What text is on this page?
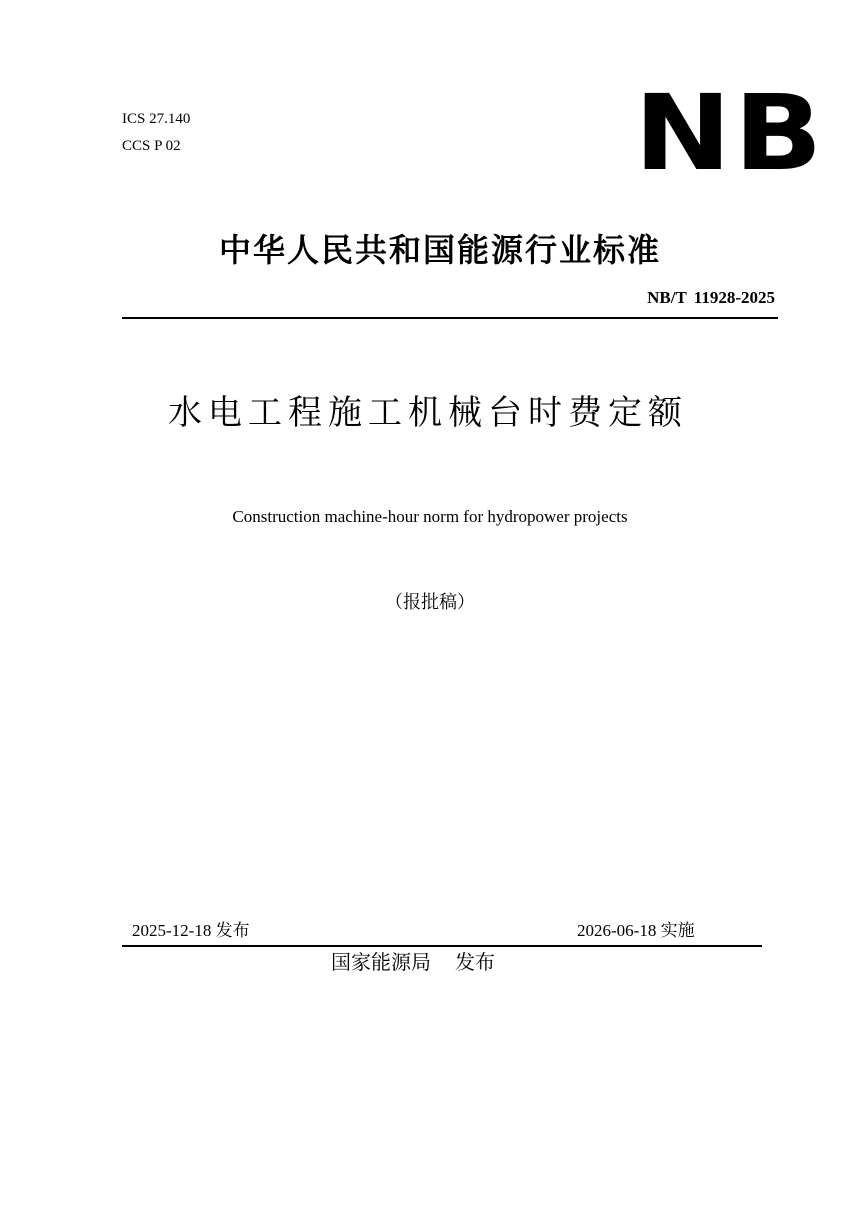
ICS 27.140
CCS P 02	NB
中华人民共和国能源行业标准
NB/T 11928-2025
水电工程施工机械台时费定额
Construction machine-hour norm for hydropower projects
（报批稿）
2025-12-18 发布	2026-06-18 实施
国家能源局 发布
